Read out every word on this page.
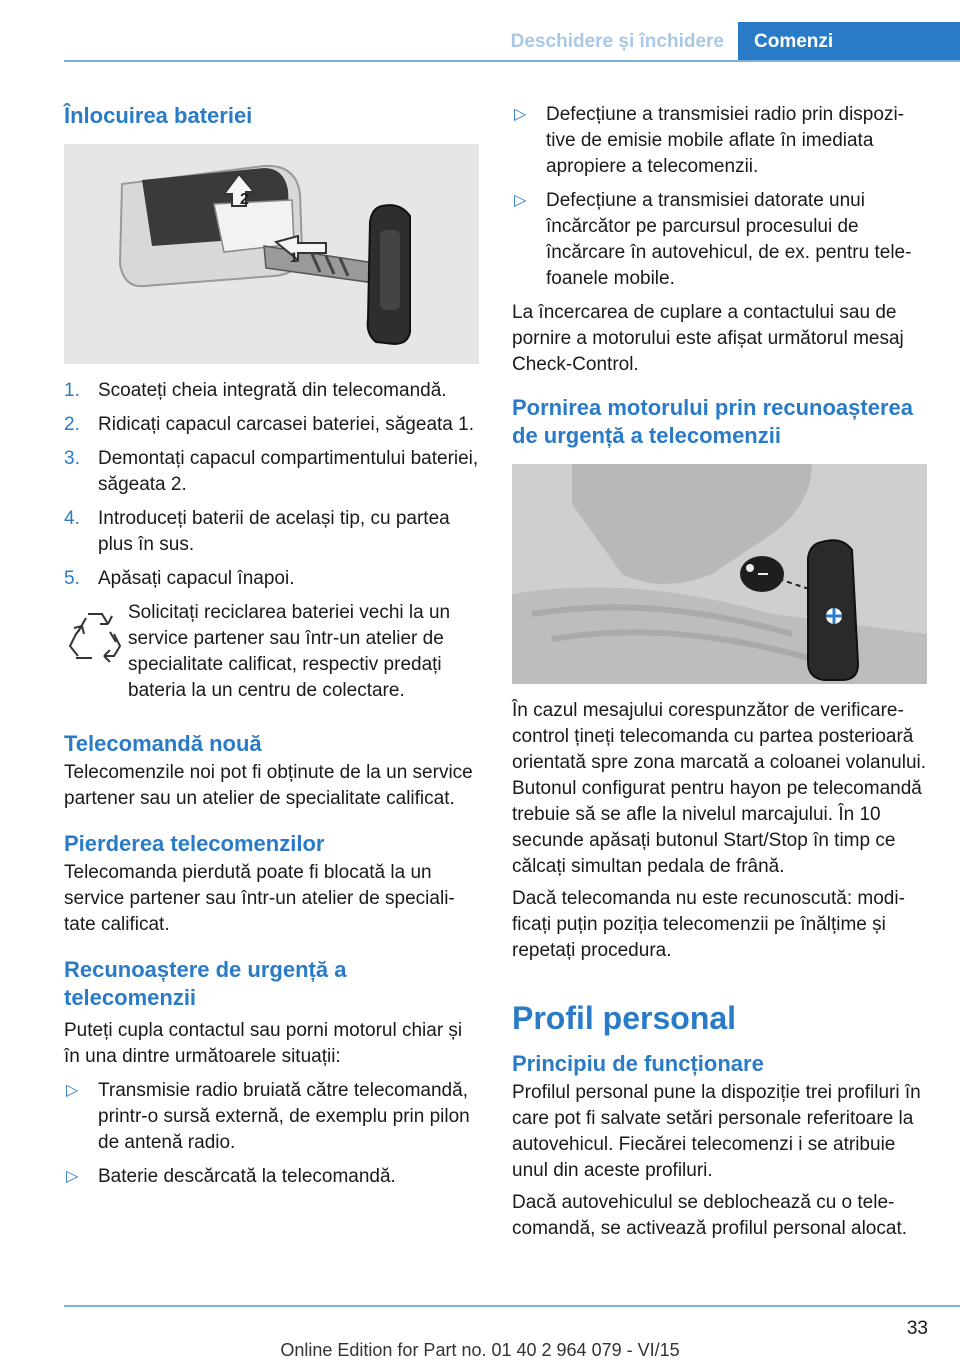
Deschidere și închidere	Comenzi
Înlocuirea bateriei
2
1
1. Scoateți cheia integrată din telecomandă.
2. Ridicați capacul carcasei bateriei, săgeata 1.
3. Demontați capacul compartimentului bateriei, săgeata 2.
4. Introduceți baterii de același tip, cu partea plus în sus.
5. Apăsați capacul înapoi.

Solicitați reciclarea bateriei vechi la un service partener sau într-un atelier de specialitate calificat, respectiv predați bateria la un centru de colectare.

Telecomandă nouă

Telecomenzile noi pot fi obținute de la un service partener sau un atelier de specialitate calificat.

Pierderea telecomenzilor

Telecomanda pierdută poate fi blocată la un service partener sau într-un atelier de specialitate calificat.

Recunoaștere de urgență a telecomenzii

Puteți cupla contactul sau porni motorul chiar și în una dintre următoarele situații:

▷ Transmisie radio bruiată către telecomandă, printr-o sursă externă, de exemplu prin pilon de antenă radio.
▷ Baterie descărcată la telecomandă.
▷ Defecțiune a transmisiei radio prin dispozitive de emisie mobile aflate în imediata apropiere a telecomenzii.
▷ Defecțiune a transmisiei datorate unui încărcător pe parcursul procesului de încărcare în autovehicul, de ex. pentru telefoanele mobile.

La încercarea de cuplare a contactului sau de pornire a motorului este afișat următorul mesaj Check-Control.

Pornirea motorului prin recunoașterea de urgență a telecomenzii

În cazul mesajului corespunzător de verificare-control țineți telecomanda cu partea posterioară orientată spre zona marcată a coloanei volanului. Butonul configurat pentru hayon pe telecomandă trebuie să se afle la nivelul marcajului. În 10 secunde apăsați butonul Start/Stop în timp ce călcați simultan pedala de frână.

Dacă telecomanda nu este recunoscută: modificați puțin poziția telecomenzii pe înălțime și repetați procedura.

Profil personal
Principiu de funcționare

Profilul personal pune la dispoziție trei profiluri în care pot fi salvate setări personale referitoare la autovehicul. Fiecărei telecomenzi i se atribuie unul din aceste profiluri.

Dacă autovehiculul se deblochează cu o telecomandă, se activează profilul personal alocat.

33
Online Edition for Part no. 01 40 2 964 079 - VI/15
